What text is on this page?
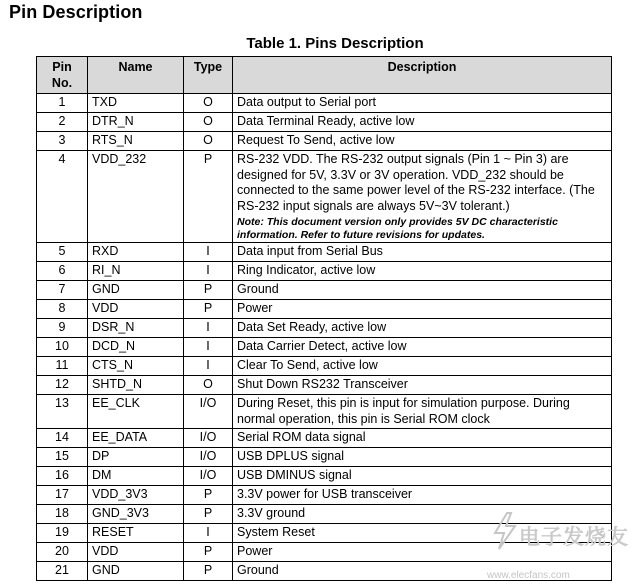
Pin Description
Table 1. Pins Description
Pin No.	Name	Type	Description
1	TXD	O	Data output to Serial port
2	DTR_N	O	Data Terminal Ready, active low
3	RTS_N	O	Request To Send, active low
4	VDD_232	P	RS-232 VDD. The RS-232 output signals (Pin 1 ~ Pin 3) are designed for 5V, 3.3V or 3V operation. VDD_232 should be connected to the same power level of the RS-232 interface. (The RS-232 input signals are always 5V~3V tolerant.)
Note: This document version only provides 5V DC characteristic information. Refer to future revisions for updates.

5	RXD	I	Data input from Serial Bus
6	RI_N	I	Ring Indicator, active low
7	GND	P	Ground
8	VDD	P	Power
9	DSR_N	I	Data Set Ready, active low
10	DCD_N	I	Data Carrier Detect, active low
11	CTS_N	I	Clear To Send, active low
12	SHTD_N	O	Shut Down RS232 Transceiver
13	EE_CLK	I/O	During Reset, this pin is input for simulation purpose. During normal operation, this pin is Serial ROM clock
14	EE_DATA	I/O	Serial ROM data signal
15	DP	I/O	USB DPLUS signal
16	DM	I/O	USB DMINUS signal
17	VDD_3V3	P	3.3V power for USB transceiver
18	GND_3V3	P	3.3V ground
19	RESET	I	System Reset
20	VDD	P	Power
21	GND	P	Ground
电子发烧友
www.elecfans.com
